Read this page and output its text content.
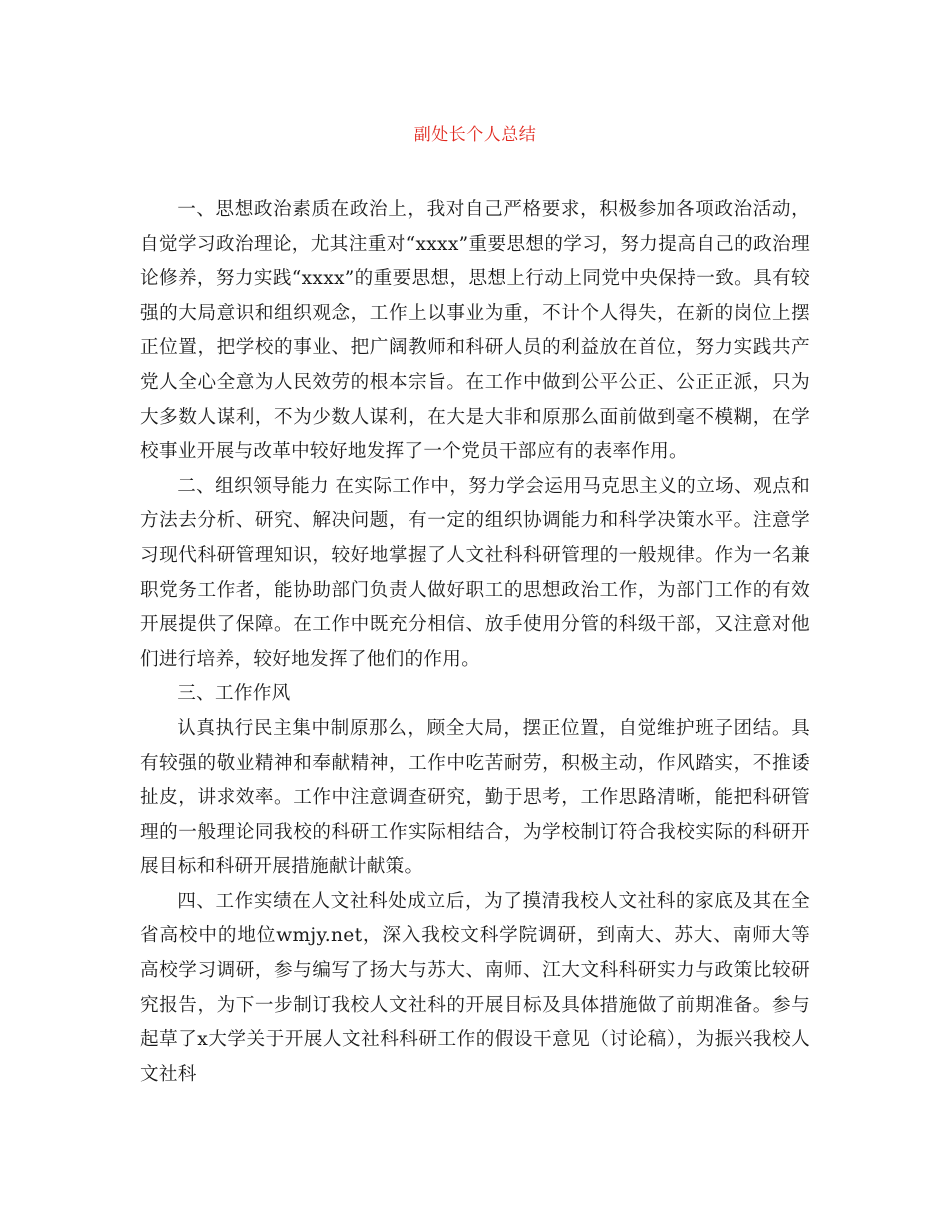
副处长个人总结

一、思想政治素质在政治上，我对自己严格要求，积极参加各项政治活动，自觉学习政治理论，尤其注重对“xxxx”重要思想的学习，努力提高自己的政治理论修养，努力实践“xxxx”的重要思想，思想上行动上同党中央保持一致。具有较强的大局意识和组织观念，工作上以事业为重，不计个人得失，在新的岗位上摆正位置，把学校的事业、把广阔教师和科研人员的利益放在首位，努力实践共产党人全心全意为人民效劳的根本宗旨。在工作中做到公平公正、公正正派，只为大多数人谋利，不为少数人谋利，在大是大非和原那么面前做到毫不模糊，在学校事业开展与改革中较好地发挥了一个党员干部应有的表率作用。

二、组织领导能力 在实际工作中，努力学会运用马克思主义的立场、观点和方法去分析、研究、解决问题，有一定的组织协调能力和科学决策水平。注意学习现代科研管理知识，较好地掌握了人文社科科研管理的一般规律。作为一名兼职党务工作者，能协助部门负责人做好职工的思想政治工作，为部门工作的有效开展提供了保障。在工作中既充分相信、放手使用分管的科级干部，又注意对他们进行培养，较好地发挥了他们的作用。

三、工作作风

认真执行民主集中制原那么，顾全大局，摆正位置，自觉维护班子团结。具有较强的敬业精神和奉献精神，工作中吃苦耐劳，积极主动，作风踏实，不推诿扯皮，讲求效率。工作中注意调查研究，勤于思考，工作思路清晰，能把科研管理的一般理论同我校的科研工作实际相结合，为学校制订符合我校实际的科研开展目标和科研开展措施献计献策。

四、工作实绩在人文社科处成立后，为了摸清我校人文社科的家底及其在全省高校中的地位wmjy.net，深入我校文科学院调研，到南大、苏大、南师大等高校学习调研，参与编写了扬大与苏大、南师、江大文科科研实力与政策比较研究报告，为下一步制订我校人文社科的开展目标及具体措施做了前期准备。参与起草了x大学关于开展人文社科科研工作的假设干意见（讨论稿），为振兴我校人文社科
